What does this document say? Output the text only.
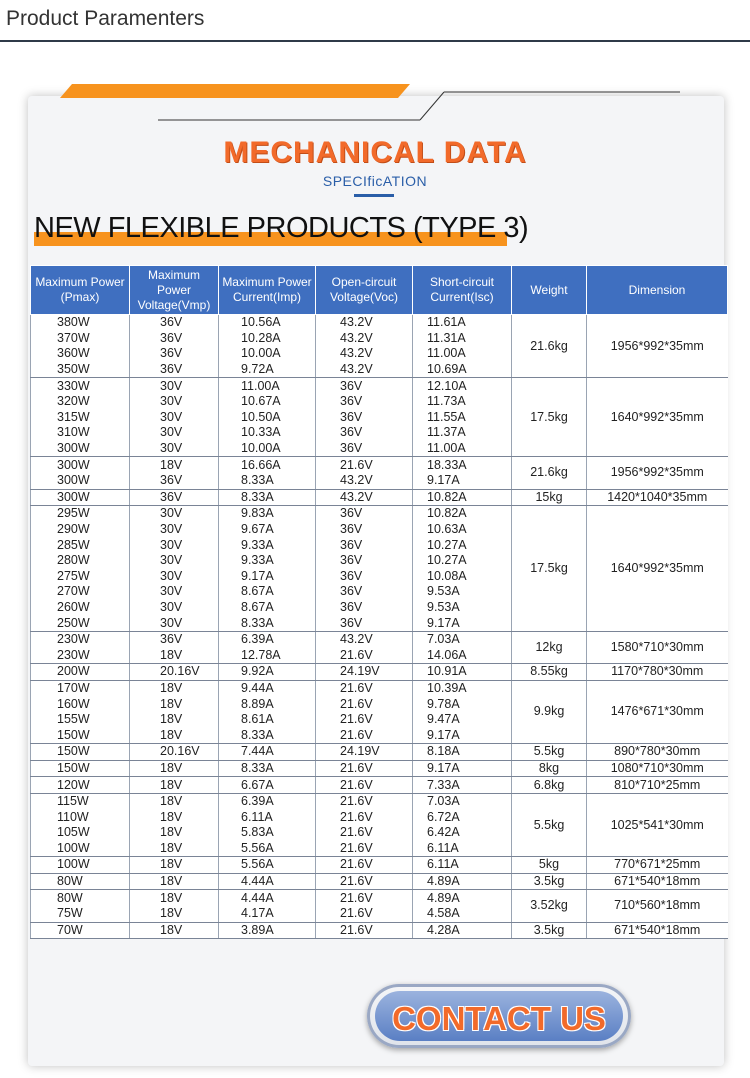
Product Paramenters
MECHANICAL DATA
SPECIficATION
NEW FLEXIBLE PRODUCTS (TYPE 3)
Maximum Power (Pmax)	Maximum Power Voltage(Vmp)	Maximum Power Current(Imp)	Open-circuit Voltage(Voc)	Short-circuit Current(Isc)	Weight	Dimension
380W	36V	10.56A	43.2V	11.61A	21.6kg	1956*992*35mm
370W	36V	10.28A	43.2V	11.31A		
360W	36V	10.00A	43.2V	11.00A		
350W	36V	9.72A	43.2V	10.69A		
330W	30V	11.00A	36V	12.10A	17.5kg	1640*992*35mm
320W	30V	10.67A	36V	11.73A		
315W	30V	10.50A	36V	11.55A		
310W	30V	10.33A	36V	11.37A		
300W	30V	10.00A	36V	11.00A		
300W	18V	16.66A	21.6V	18.33A	21.6kg	1956*992*35mm
300W	36V	8.33A	43.2V	9.17A		
300W	36V	8.33A	43.2V	10.82A	15kg	1420*1040*35mm
295W	30V	9.83A	36V	10.82A	17.5kg	1640*992*35mm
290W	30V	9.67A	36V	10.63A		
285W	30V	9.33A	36V	10.27A		
280W	30V	9.33A	36V	10.27A		
275W	30V	9.17A	36V	10.08A		
270W	30V	8.67A	36V	9.53A		
260W	30V	8.67A	36V	9.53A		
250W	30V	8.33A	36V	9.17A		
230W	36V	6.39A	43.2V	7.03A	12kg	1580*710*30mm
230W	18V	12.78A	21.6V	14.06A		
200W	20.16V	9.92A	24.19V	10.91A	8.55kg	1170*780*30mm
170W	18V	9.44A	21.6V	10.39A	9.9kg	1476*671*30mm
160W	18V	8.89A	21.6V	9.78A		
155W	18V	8.61A	21.6V	9.47A		
150W	18V	8.33A	21.6V	9.17A		
150W	20.16V	7.44A	24.19V	8.18A	5.5kg	890*780*30mm
150W	18V	8.33A	21.6V	9.17A	8kg	1080*710*30mm
120W	18V	6.67A	21.6V	7.33A	6.8kg	810*710*25mm
115W	18V	6.39A	21.6V	7.03A	5.5kg	1025*541*30mm
110W	18V	6.11A	21.6V	6.72A		
105W	18V	5.83A	21.6V	6.42A		
100W	18V	5.56A	21.6V	6.11A		
100W	18V	5.56A	21.6V	6.11A	5kg	770*671*25mm
80W	18V	4.44A	21.6V	4.89A	3.5kg	671*540*18mm
80W	18V	4.44A	21.6V	4.89A	3.52kg	710*560*18mm
75W	18V	4.17A	21.6V	4.58A		
70W	18V	3.89A	21.6V	4.28A	3.5kg	671*540*18mm
CONTACT US
